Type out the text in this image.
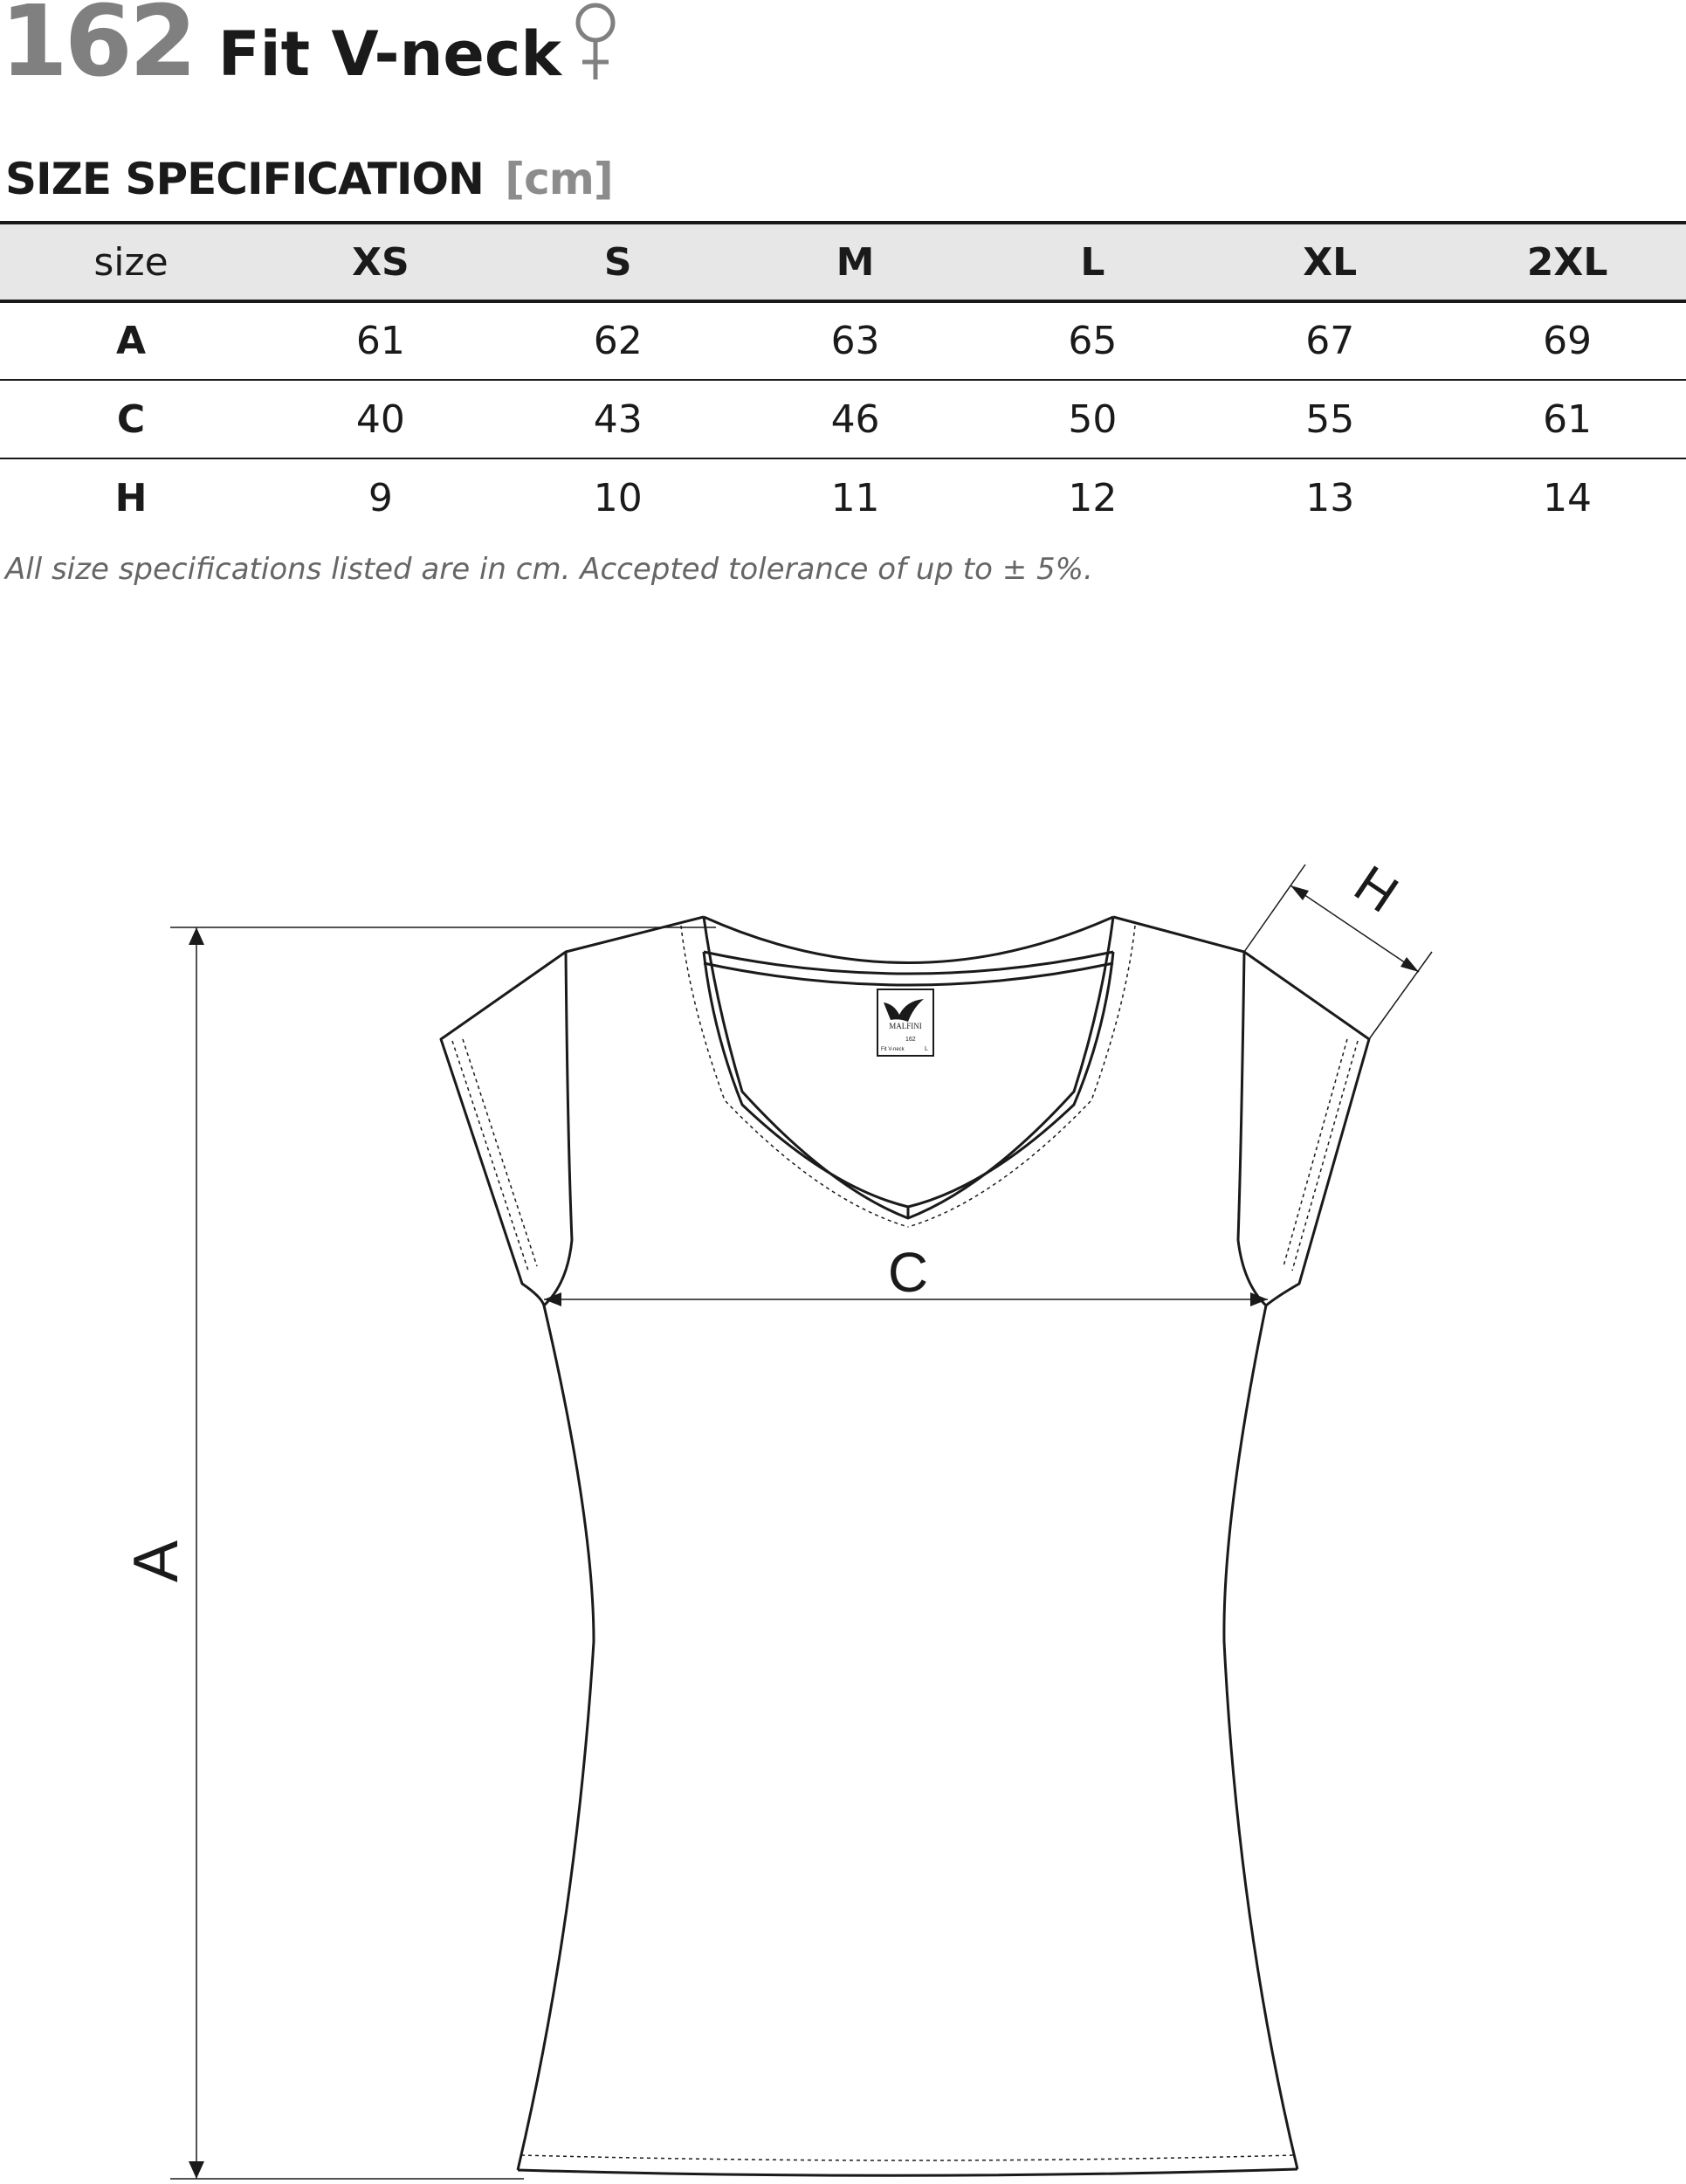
162 Fit V-neck
SIZE SPECIFICATION [cm]
size	XS	S	M	L	XL	2XL
A	61	62	63	65	67	69
C	40	43	46	50	55	61
H	9	10	11	12	13	14
All size specifications listed are in cm. Accepted tolerance of up to ± 5%.
A
MALFINI
162
Fit V-neck	L
C
H
